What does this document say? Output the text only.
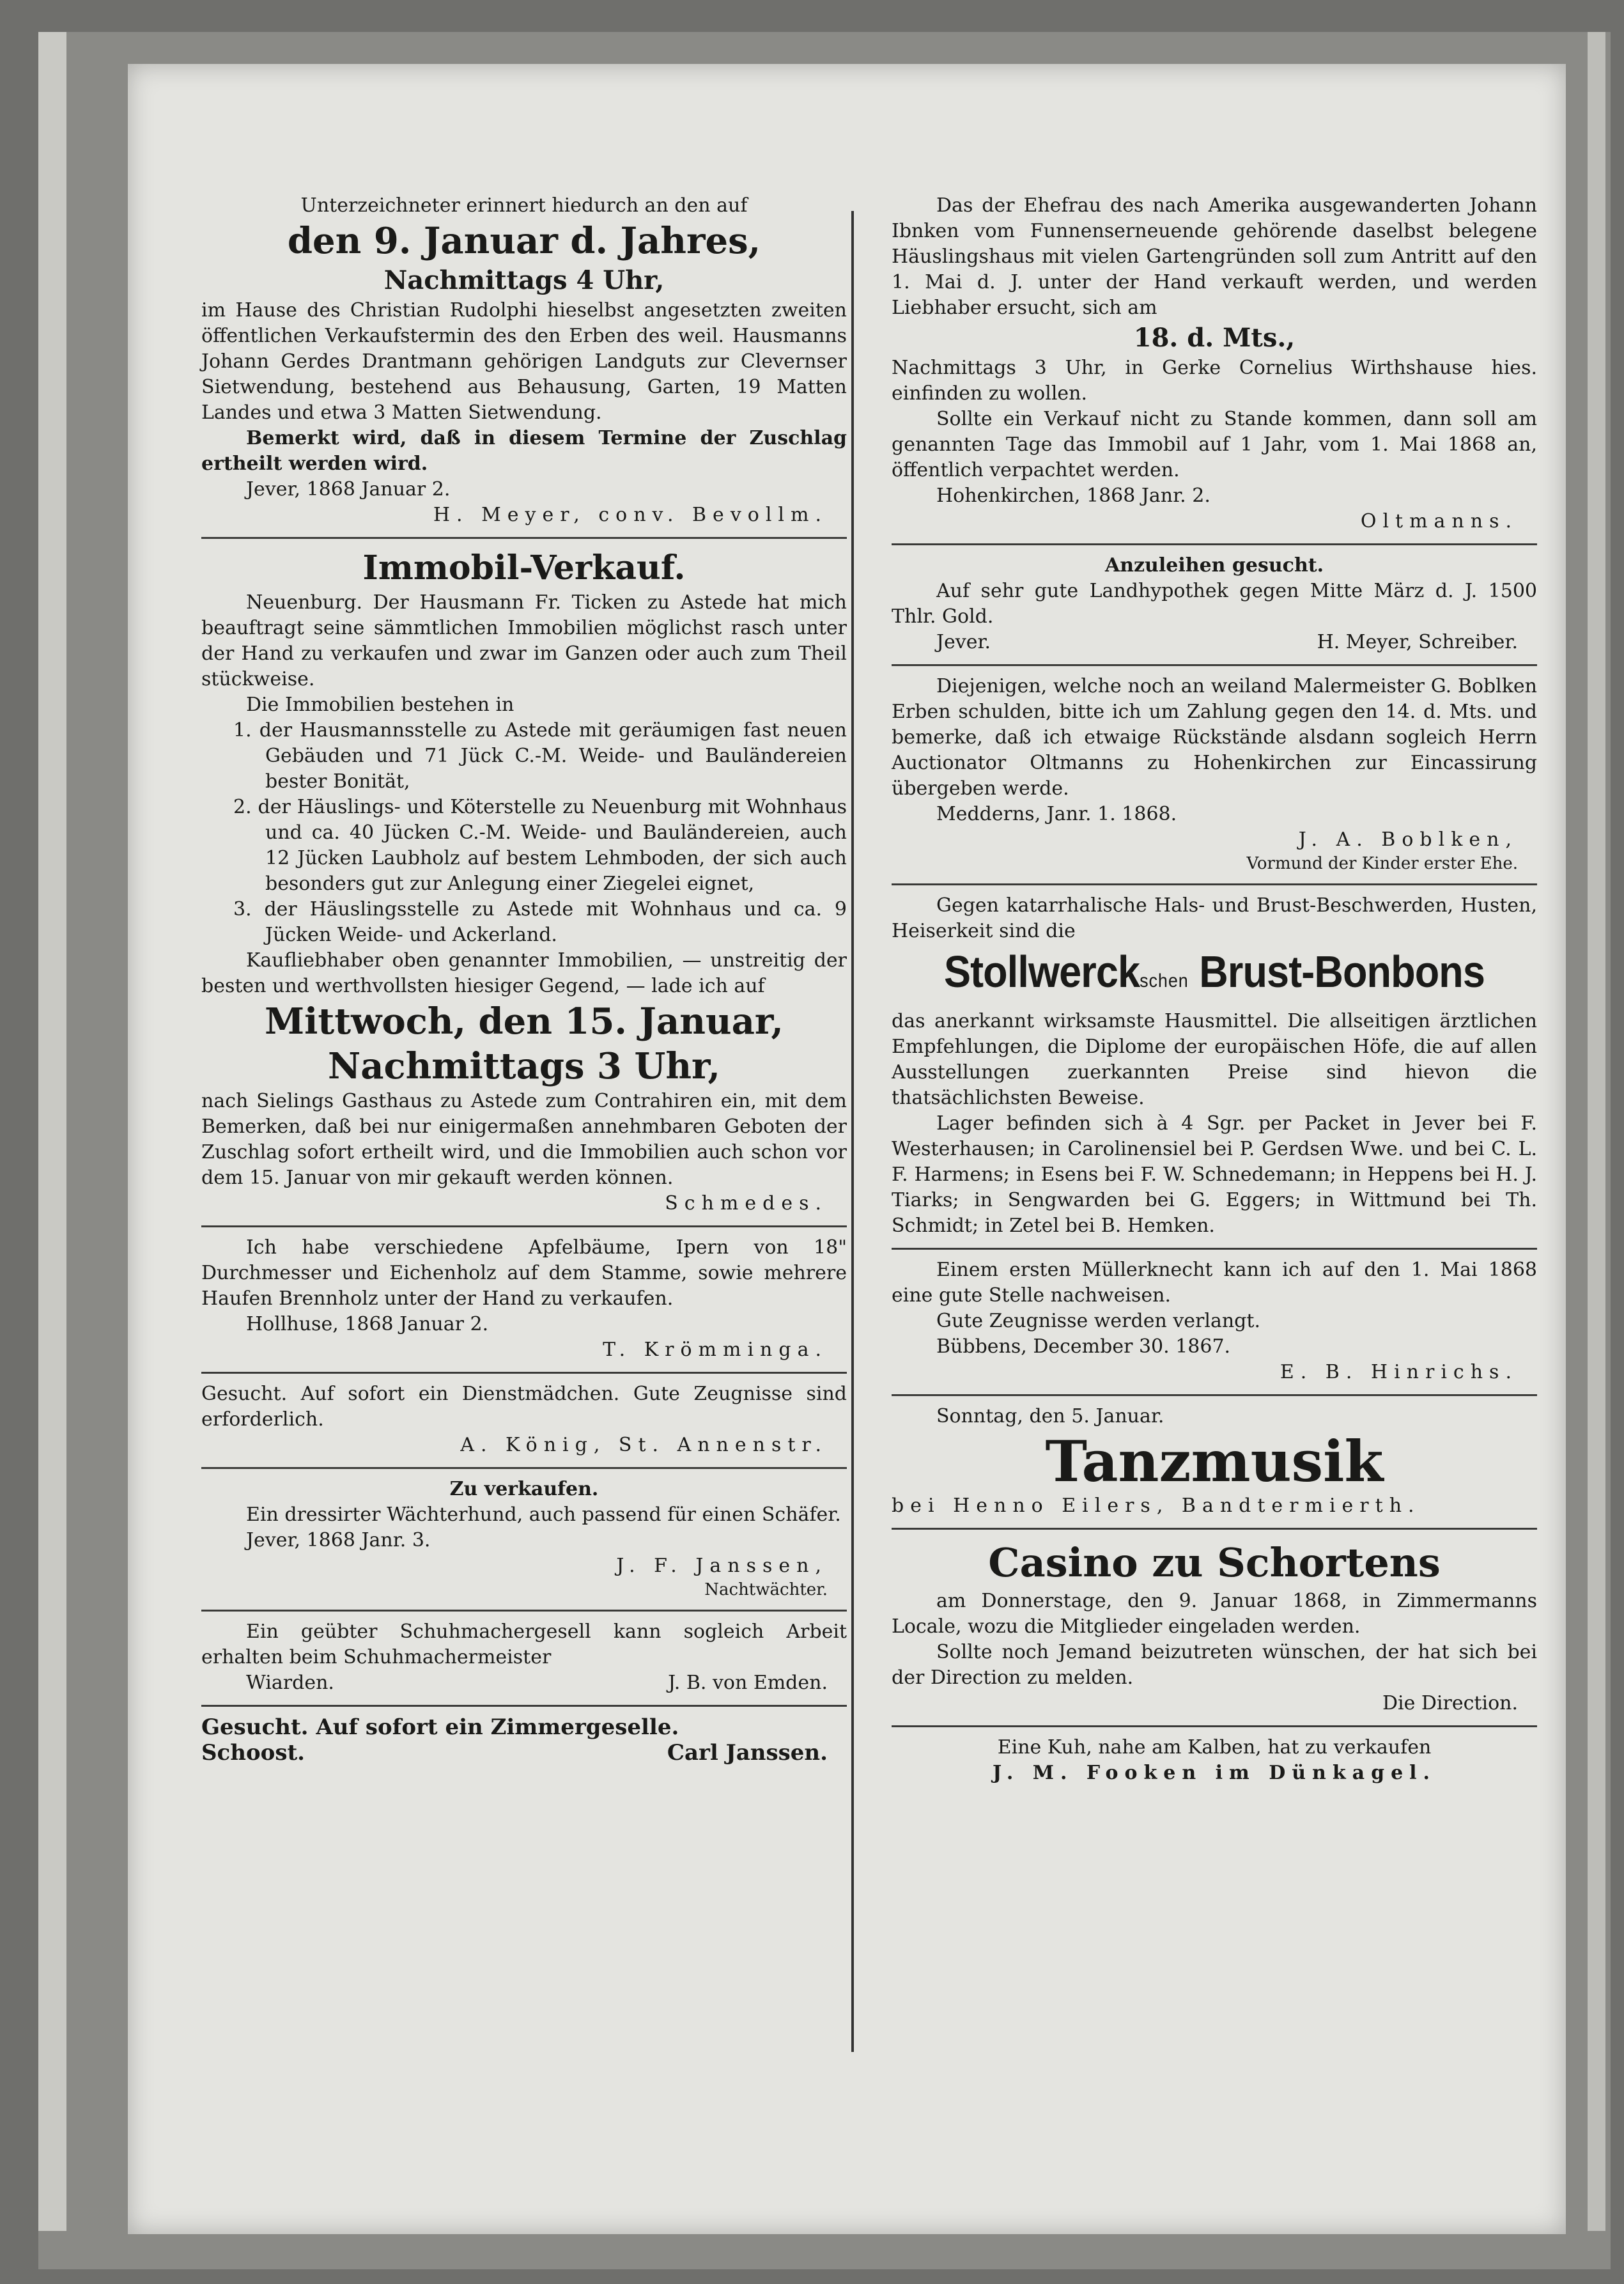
Unterzeichneter erinnert hiedurch an den auf

den 9. Januar d. Jahres,
Nachmittags 4 Uhr,

im Hause des Christian Rudolphi hieselbst angesetzten zweiten öffentlichen Verkaufstermin des den Erben des weil. Hausmanns Johann Gerdes Drantmann gehörigen Landguts zur Clevernser Sietwendung, bestehend aus Behausung, Garten, 19 Matten Landes und etwa 3 Matten Sietwendung.

Bemerkt wird, daß in diesem Termine der Zuschlag ertheilt werden wird.

Jever, 1868 Januar 2.

H. Meyer, conv. Bevollm.

Immobil-Verkauf.

Neuenburg. Der Hausmann Fr. Ticken zu Astede hat mich beauftragt seine sämmtlichen Immobilien möglichst rasch unter der Hand zu verkaufen und zwar im Ganzen oder auch zum Theil stückweise.

Die Immobilien bestehen in

1. der Hausmannsstelle zu Astede mit geräumigen fast neuen Gebäuden und 71 Jück C.-M. Weide- und Bauländereien bester Bonität,
2. der Häuslings- und Köterstelle zu Neuenburg mit Wohnhaus und ca. 40 Jücken C.-M. Weide- und Bauländereien, auch 12 Jücken Laubholz auf bestem Lehmboden, der sich auch besonders gut zur Anlegung einer Ziegelei eignet,
3. der Häuslingsstelle zu Astede mit Wohnhaus und ca. 9 Jücken Weide- und Ackerland.

Kaufliebhaber oben genannter Immobilien, — unstreitig der besten und werthvollsten hiesiger Gegend, — lade ich auf

Mittwoch, den 15. Januar,
Nachmittags 3 Uhr,

nach Sielings Gasthaus zu Astede zum Contrahiren ein, mit dem Bemerken, daß bei nur einigermaßen annehmbaren Geboten der Zuschlag sofort ertheilt wird, und die Immobilien auch schon vor dem 15. Januar von mir gekauft werden können.

Schmedes.

Ich habe verschiedene Apfelbäume, Ipern von 18" Durchmesser und Eichenholz auf dem Stamme, sowie mehrere Haufen Brennholz unter der Hand zu verkaufen.

Hollhuse, 1868 Januar 2.

T. Krömminga.

Gesucht. Auf sofort ein Dienstmädchen. Gute Zeugnisse sind erforderlich.

A. König, St. Annenstr.

Zu verkaufen.

Ein dressirter Wächterhund, auch passend für einen Schäfer.

Jever, 1868 Janr. 3.

J. F. Janssen,

Nachtwächter.

Ein geübter Schuhmachergesell kann sogleich Arbeit erhalten beim Schuhmachermeister

Wiarden.	J. B. von Emden.

Gesucht. Auf sofort ein Zimmergeselle.

Schoost.	Carl Janssen.

Das der Ehefrau des nach Amerika ausgewanderten Johann Ibnken vom Funnenserneuende gehörende daselbst belegene Häuslingshaus mit vielen Gartengründen soll zum Antritt auf den 1. Mai d. J. unter der Hand verkauft werden, und werden Liebhaber ersucht, sich am

18. d. Mts.,

Nachmittags 3 Uhr, in Gerke Cornelius Wirthshause hies. einfinden zu wollen.

Sollte ein Verkauf nicht zu Stande kommen, dann soll am genannten Tage das Immobil auf 1 Jahr, vom 1. Mai 1868 an, öffentlich verpachtet werden.

Hohenkirchen, 1868 Janr. 2.

Oltmanns.

Anzuleihen gesucht.

Auf sehr gute Landhypothek gegen Mitte März d. J. 1500 Thlr. Gold.

Jever.	H. Meyer, Schreiber.

Diejenigen, welche noch an weiland Malermeister G. Boblken Erben schulden, bitte ich um Zahlung gegen den 14. d. Mts. und bemerke, daß ich etwaige Rückstände alsdann sogleich Herrn Auctionator Oltmanns zu Hohenkirchen zur Eincassirung übergeben werde.

Medderns, Janr. 1. 1868.

J. A. Boblken,

Vormund der Kinder erster Ehe.

Gegen katarrhalische Hals- und Brust-Beschwerden, Husten, Heiserkeit sind die

Stollwerckschen Brust-Bonbons

das anerkannt wirksamste Hausmittel. Die allseitigen ärztlichen Empfehlungen, die Diplome der europäischen Höfe, die auf allen Ausstellungen zuerkannten Preise sind hievon die thatsächlichsten Beweise.

Lager befinden sich à 4 Sgr. per Packet in Jever bei F. Westerhausen; in Carolinensiel bei P. Gerdsen Wwe. und bei C. L. F. Harmens; in Esens bei F. W. Schnedemann; in Heppens bei H. J. Tiarks; in Sengwarden bei G. Eggers; in Wittmund bei Th. Schmidt; in Zetel bei B. Hemken.

Einem ersten Müllerknecht kann ich auf den 1. Mai 1868 eine gute Stelle nachweisen.

Gute Zeugnisse werden verlangt.

Bübbens, December 30. 1867.

E. B. Hinrichs.

Sonntag, den 5. Januar.

Tanzmusik

bei Henno Eilers, Bandtermierth.

Casino zu Schortens

am Donnerstage, den 9. Januar 1868, in Zimmermanns Locale, wozu die Mitglieder eingeladen werden.

Sollte noch Jemand beizutreten wünschen, der hat sich bei der Direction zu melden.

Die Direction.

Eine Kuh, nahe am Kalben, hat zu verkaufen

J. M. Fooken im Dünkagel.
